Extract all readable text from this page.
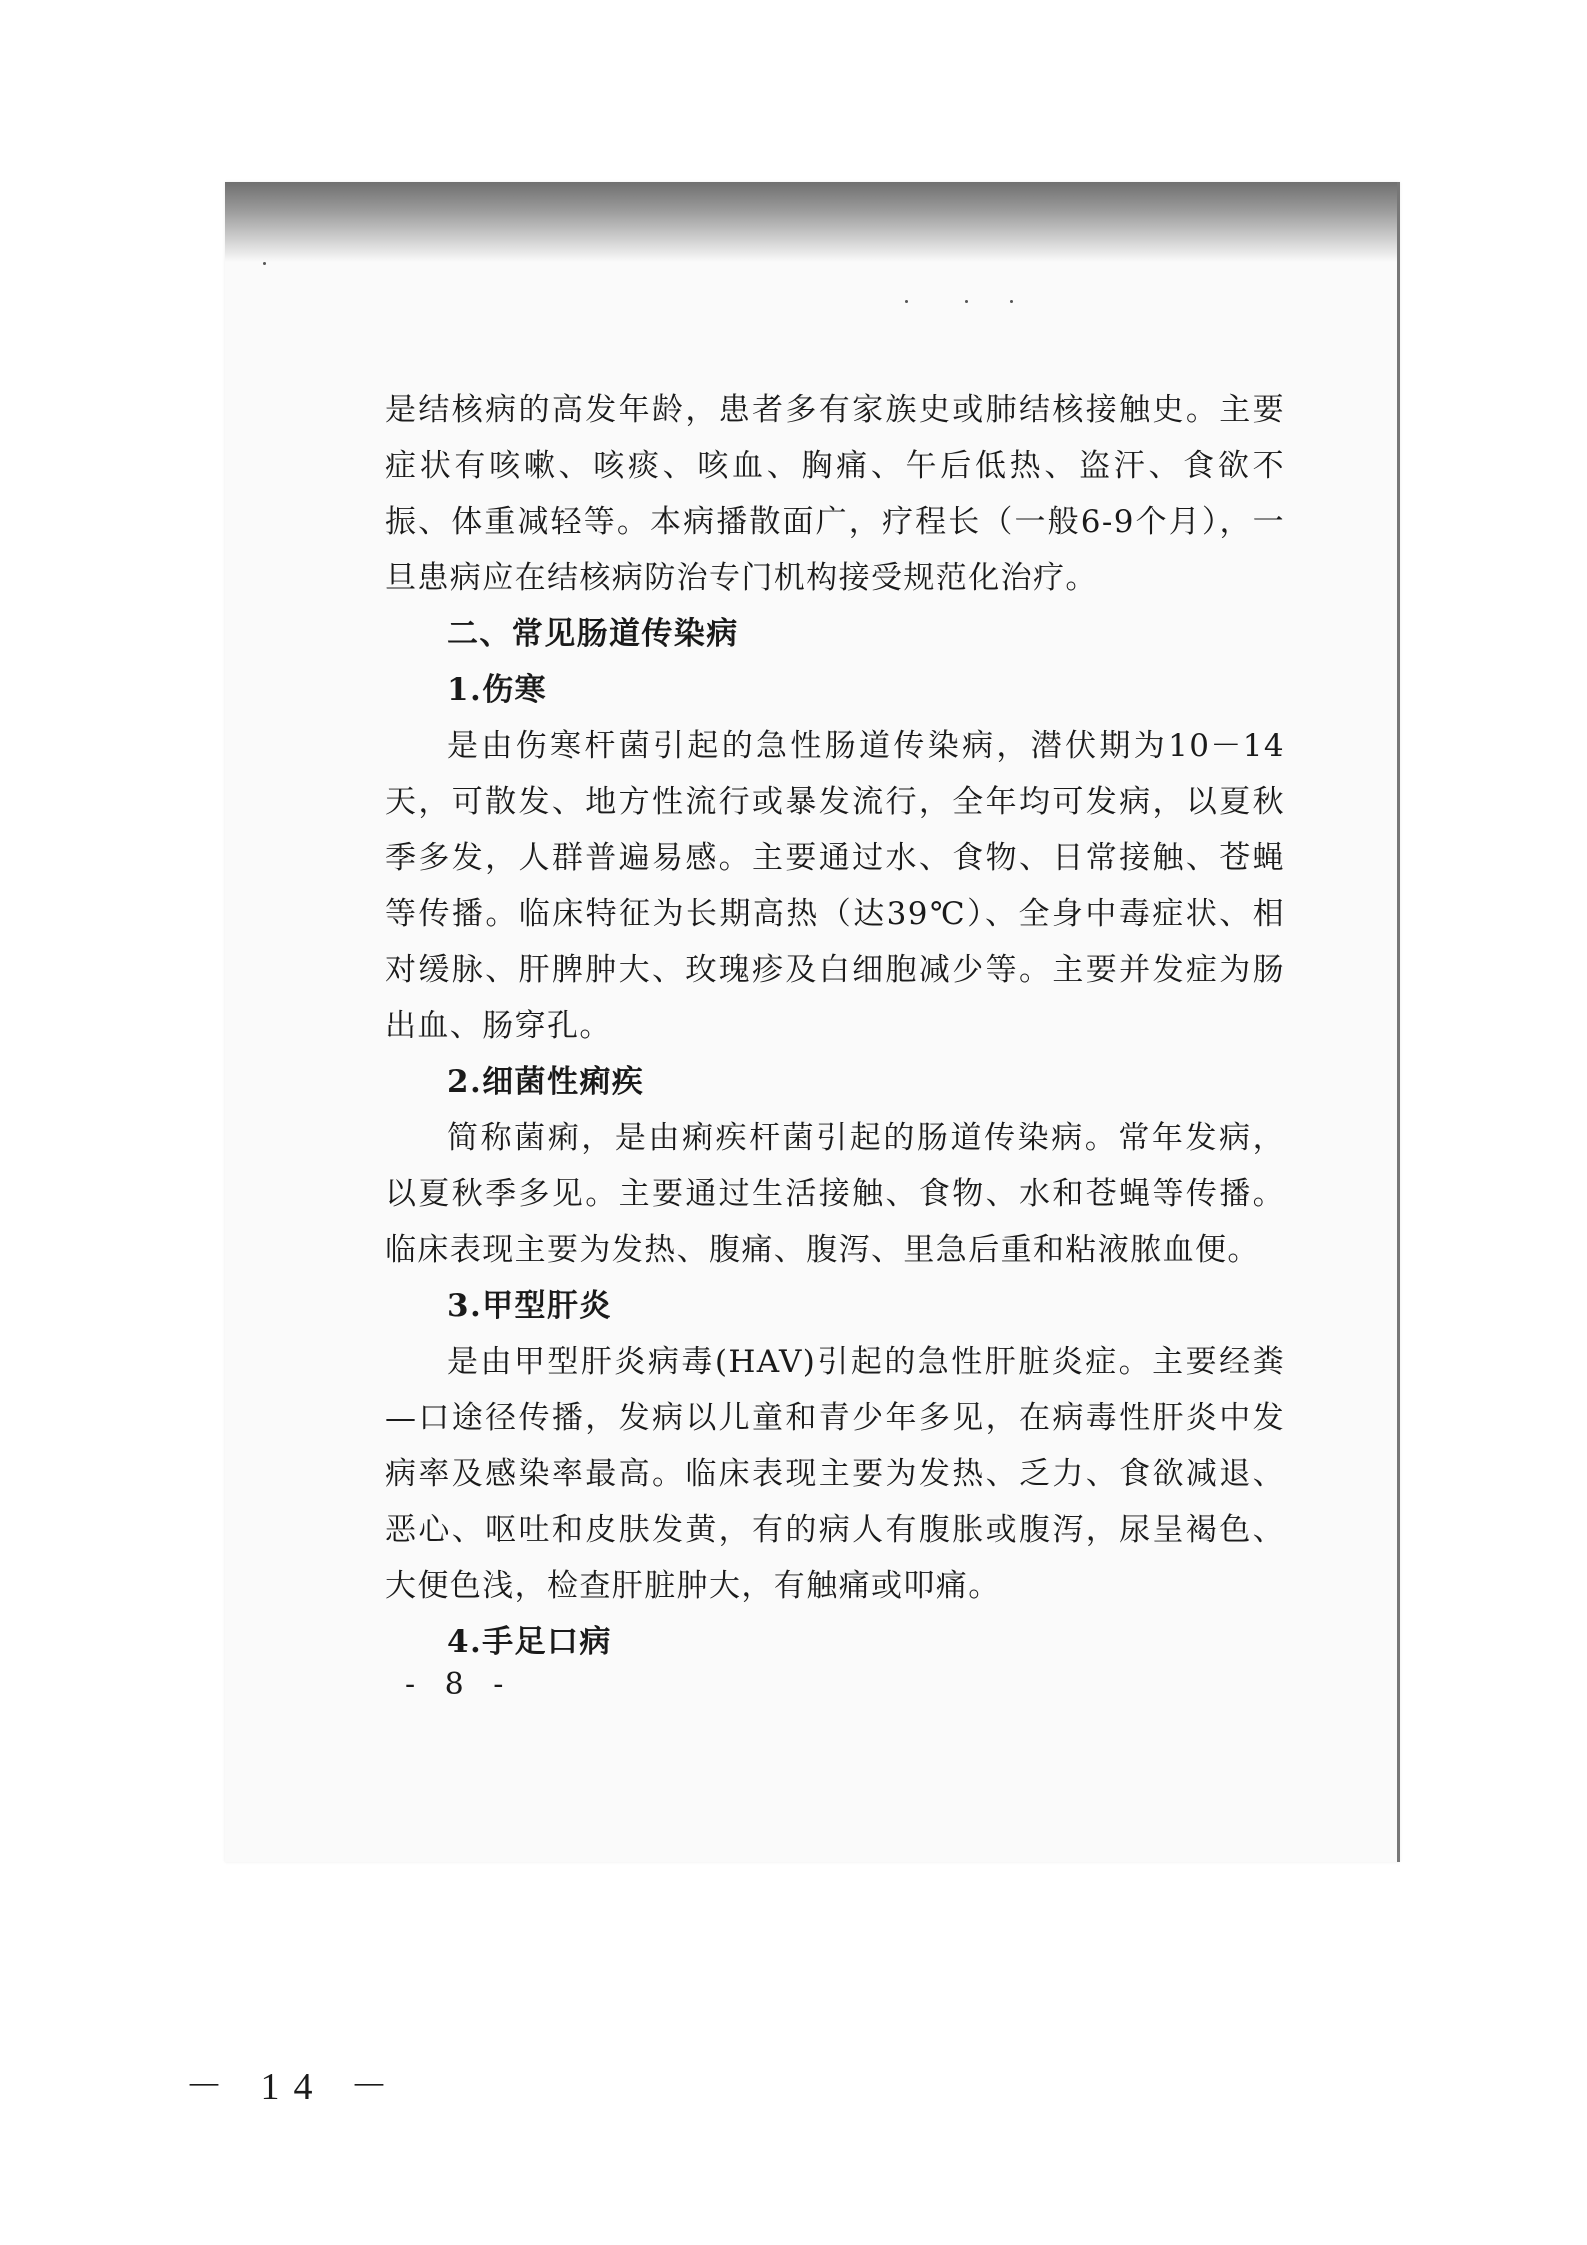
是结核病的高发年龄，患者多有家族史或肺结核接触史。主要症状有咳嗽、咳痰、咳血、胸痛、午后低热、盗汗、食欲不振、体重减轻等。本病播散面广，疗程长（一般6-9个月），一旦患病应在结核病防治专门机构接受规范化治疗。

二、常见肠道传染病

1.伤寒

是由伤寒杆菌引起的急性肠道传染病，潜伏期为10－14天，可散发、地方性流行或暴发流行，全年均可发病，以夏秋季多发，人群普遍易感。主要通过水、食物、日常接触、苍蝇等传播。临床特征为长期高热（达39℃）、全身中毒症状、相对缓脉、肝脾肿大、玫瑰疹及白细胞减少等。主要并发症为肠出血、肠穿孔。

2.细菌性痢疾

简称菌痢，是由痢疾杆菌引起的肠道传染病。常年发病，以夏秋季多见。主要通过生活接触、食物、水和苍蝇等传播。临床表现主要为发热、腹痛、腹泻、里急后重和粘液脓血便。

3.甲型肝炎

是由甲型肝炎病毒(HAV)引起的急性肝脏炎症。主要经粪—口途径传播，发病以儿童和青少年多见，在病毒性肝炎中发病率及感染率最高。临床表现主要为发热、乏力、食欲减退、恶心、呕吐和皮肤发黄，有的病人有腹胀或腹泻，尿呈褐色、大便色浅，检查肝脏肿大，有触痛或叩痛。

4.手足口病

- 8 -
－ 14 －
